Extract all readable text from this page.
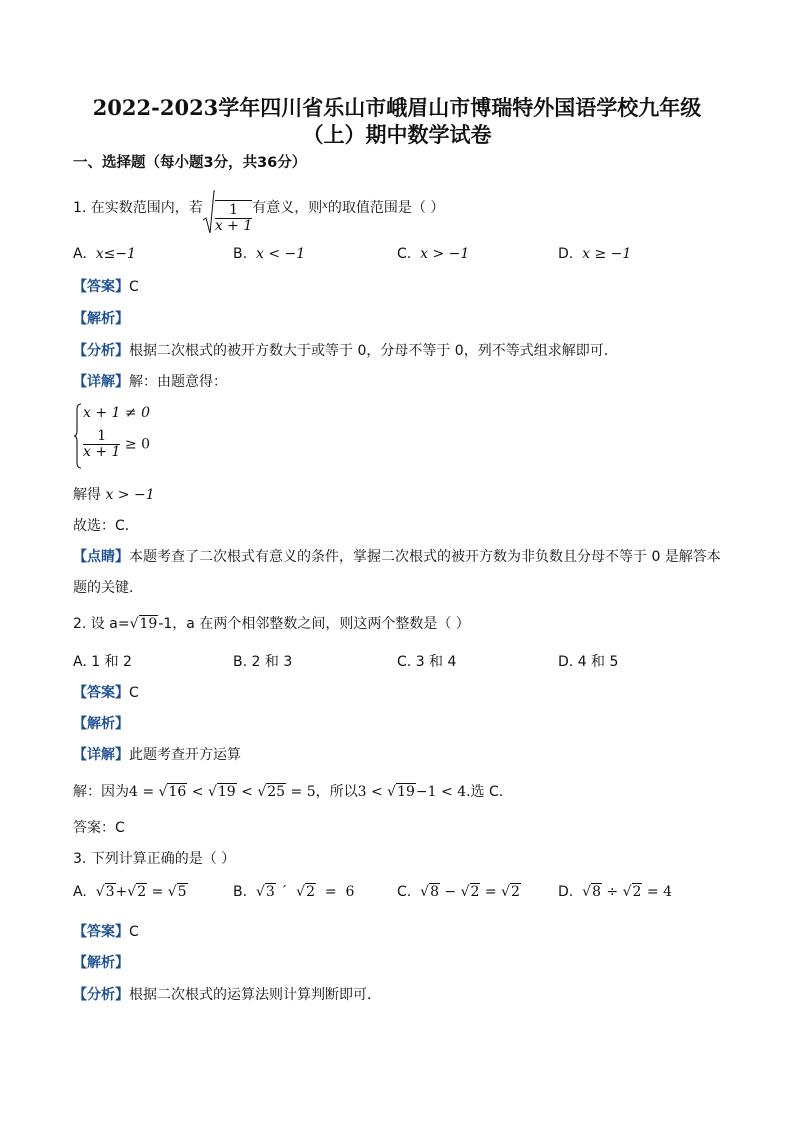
2022-2023学年四川省乐山市峨眉山市博瑞特外国语学校九年级
（上）期中数学试卷
一、选择题（每小题3分，共36分）
1. 在实数范围内，若 $\frac{1}{x + 1}$ 有意义，则$^x$的取值范围是（ ）
A. x≤−1	B. x < −1	C. x > −1	D. x ≥ −1
【答案】C
【解析】
【分析】根据二次根式的被开方数大于或等于 0，分母不等于 0，列不等式组求解即可．
【详解】解：由题意得：
x + 1 ≠ 0
$\frac{1}{x + 1} \ge 0$
解得 x > −1
故选：C．
【点睛】本题考查了二次根式有意义的条件，掌握二次根式的被开方数为非负数且分母不等于 0 是解答本
题的关键．
2. 设 a=√19-1，a 在两个相邻整数之间，则这两个整数是（ ）
A. 1 和 2	B. 2 和 3	C. 3 和 4	D. 4 和 5
【答案】C
【解析】
【详解】此题考查开方运算
解：因为4 = √16 < √19 < √25 = 5，所以3 < √19−1 < 4.选 C.
答案：C
3. 下列计算正确的是（ ）
A. √3+√2 = √5	B. √3 ´ √2  =  6	C. √8 − √2 = √2	D. √8 ÷ √2 = 4
【答案】C
【解析】
【分析】根据二次根式的运算法则计算判断即可．
